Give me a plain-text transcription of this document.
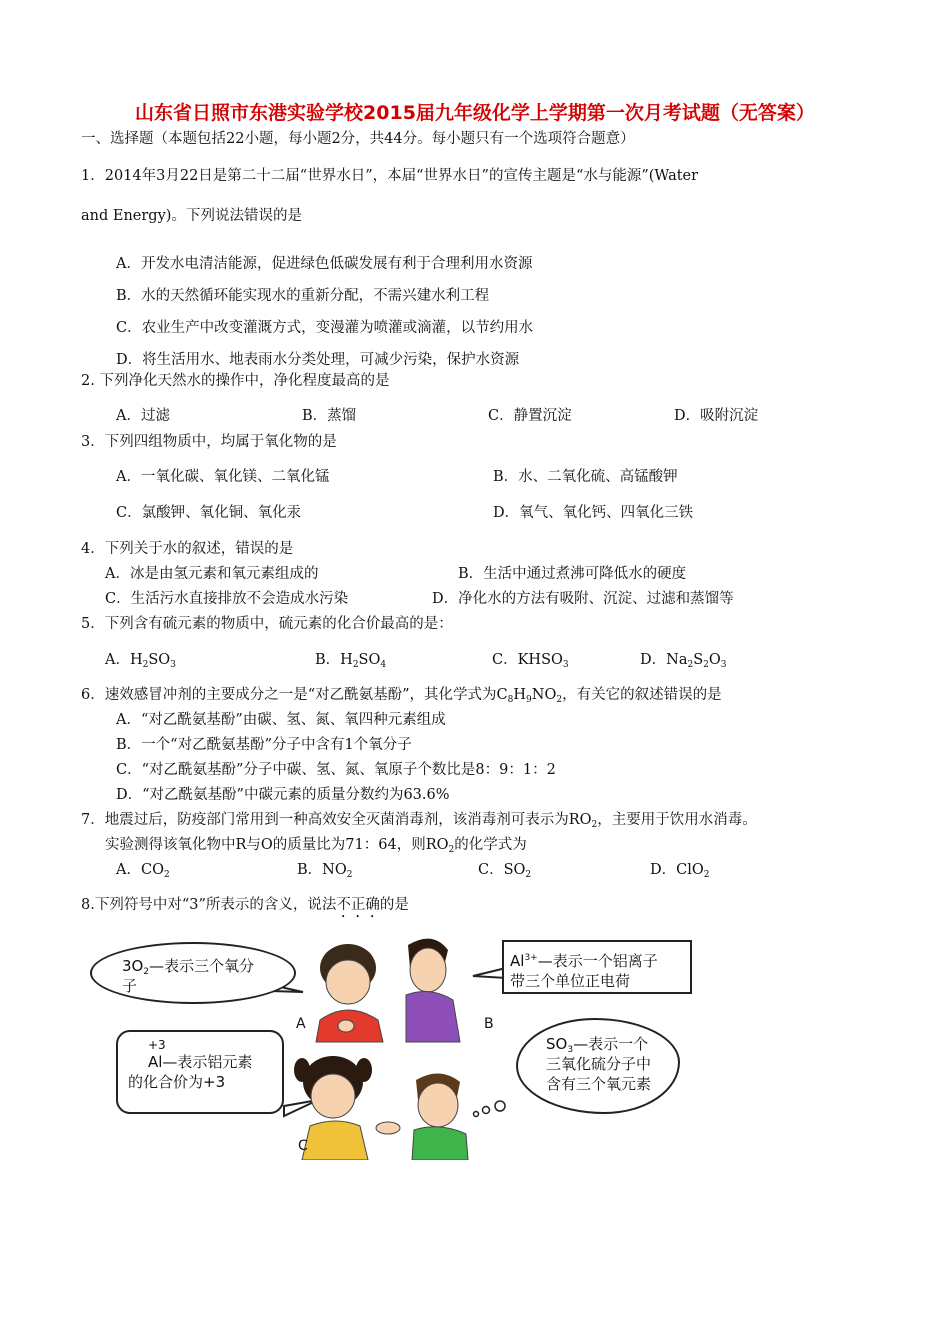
山东省日照市东港实验学校2015届九年级化学上学期第一次月考试题（无答案）
一、选择题（本题包括22小题，每小题2分，共44分。每小题只有一个选项符合题意）
1．2014年3月22日是第二十二届“世界水日”，本届“世界水日”的宣传主题是“水与能源”(Water
and Energy)。下列说法错误的是
A．开发水电清洁能源，促进绿色低碳发展有利于合理利用水资源
B．水的天然循环能实现水的重新分配，不需兴建水利工程
C．农业生产中改变灌溉方式，变漫灌为喷灌或滴灌，以节约用水
D．将生活用水、地表雨水分类处理，可减少污染，保护水资源
2. 下列净化天然水的操作中，净化程度最高的是
A．过滤	B．蒸馏	C．静置沉淀	D．吸附沉淀
3．下列四组物质中，均属于氧化物的是
A．一氧化碳、氧化镁、二氧化锰	B．水、二氧化硫、高锰酸钾
C．氯酸钾、氧化铜、氧化汞	D．氧气、氧化钙、四氧化三铁
4．下列关于水的叙述，错误的是
A．冰是由氢元素和氧元素组成的	B．生活中通过煮沸可降低水的硬度
C．生活污水直接排放不会造成水污染	D．净化水的方法有吸附、沉淀、过滤和蒸馏等
5．下列含有硫元素的物质中，硫元素的化合价最高的是：
A．$H_2SO_3$	B．$H_2SO_4$	C．$KHSO_3$	D．$Na_2S_2O_3$
6．速效感冒冲剂的主要成分之一是“对乙酰氨基酚”，其化学式为$C_8H_9NO_2$，有关它的叙述错误的是
A．“对乙酰氨基酚”由碳、氢、氮、氧四种元素组成
B．一个“对乙酰氨基酚”分子中含有1个氧分子
C．“对乙酰氨基酚”分子中碳、氢、氮、氧原子个数比是8：9：1：2
D．“对乙酰氨基酚”中碳元素的质量分数约为63.6%
7．地震过后，防疫部门常用到一种高效安全灭菌消毒剂，该消毒剂可表示为$RO_2$，主要用于饮用水消毒。
实验测得该氧化物中R与O的质量比为71：64，则$RO_2$的化学式为
A．$CO_2$	B．$NO_2$	C．$SO_2$	D．ClO$_2$
8.下列符号中对“3”所表示的含义，说法不正确的是
$3O_2—$表示三个氧分
子
$Al^{3+}—$表示一个铝离子
带三个单位正电荷
+3
Al—表示铝元素
的化合价为+3
$SO_3—$表示一个
三氧化硫分子中
含有三个氧元素
A	B
C
